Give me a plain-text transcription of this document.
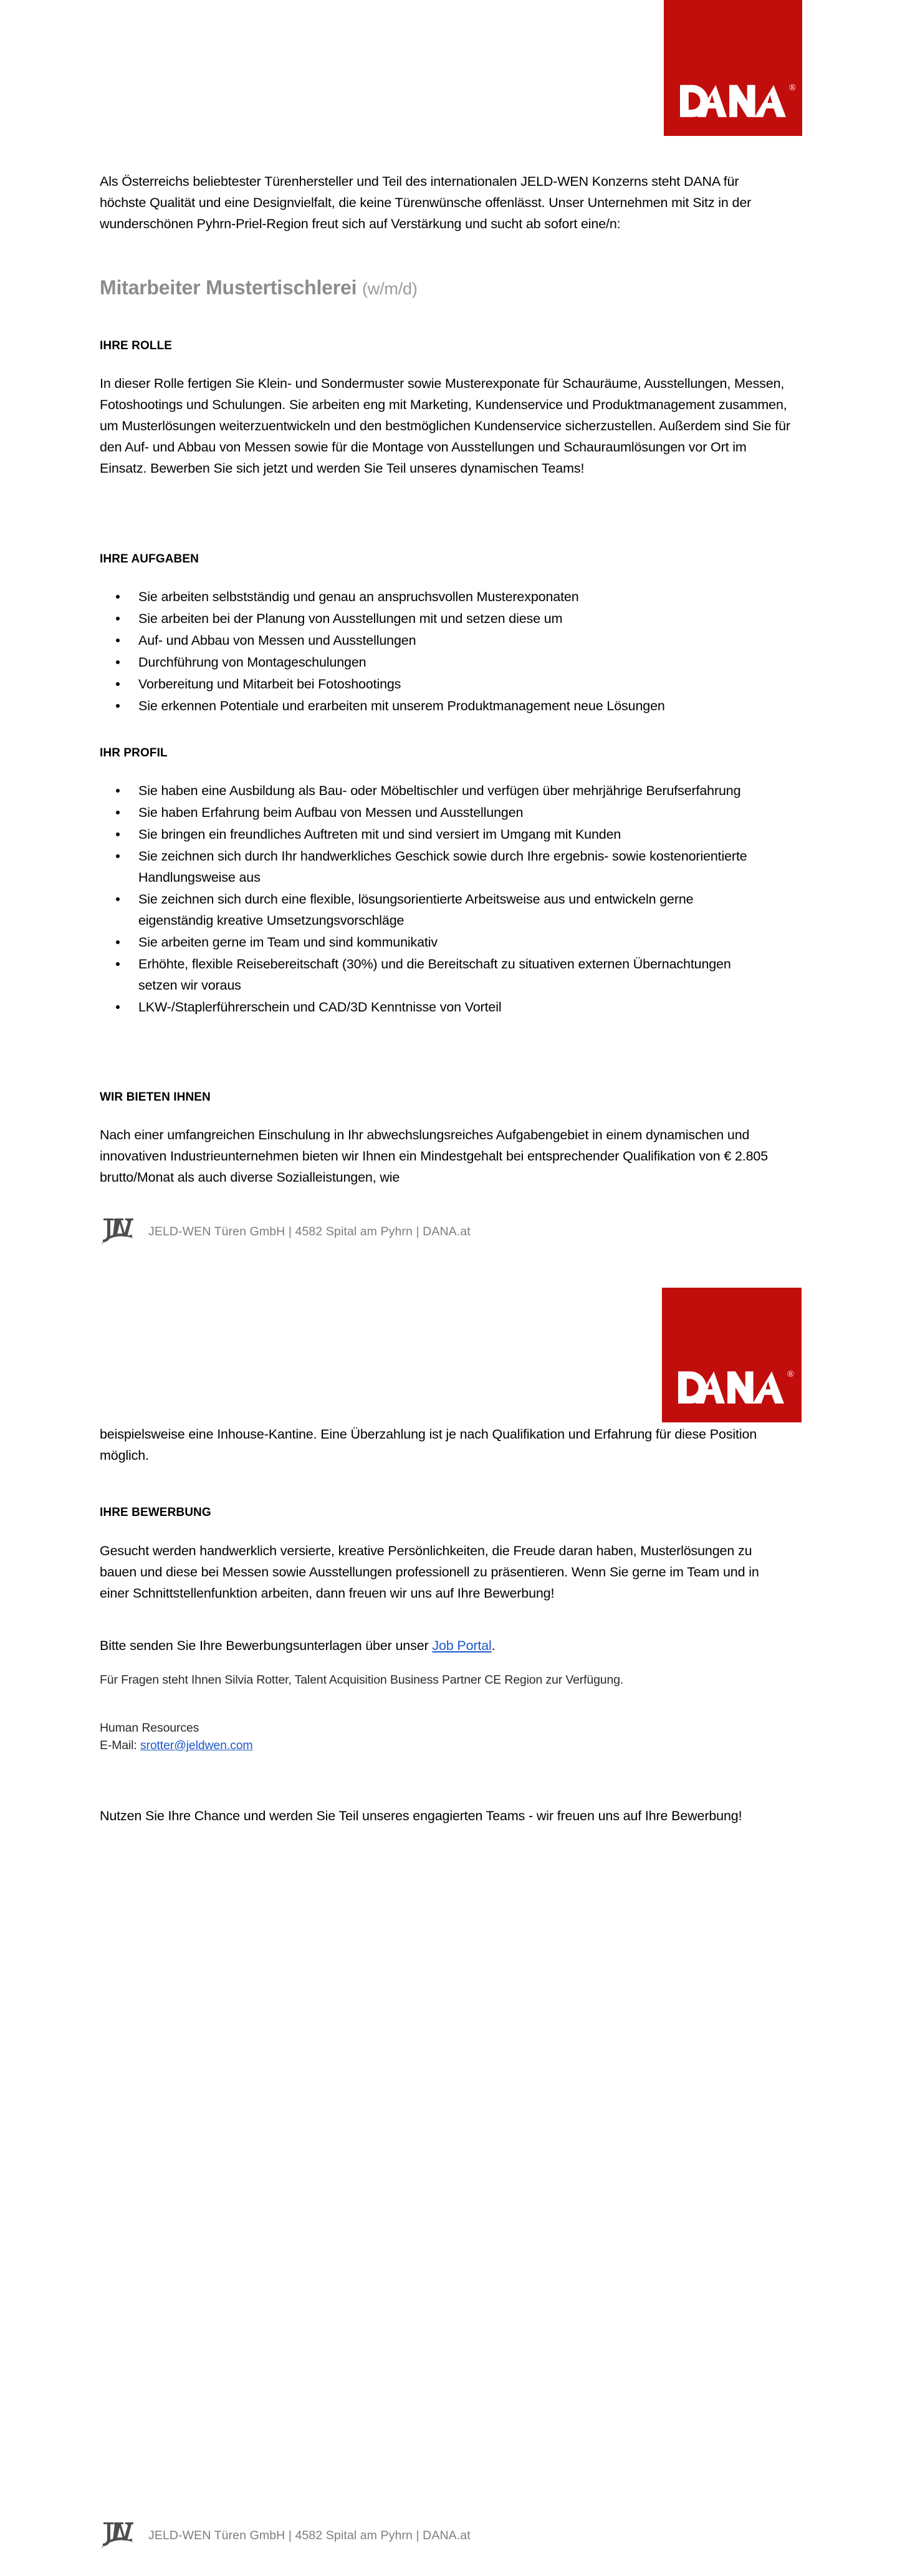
®

Als Österreichs beliebtester Türenhersteller und Teil des internationalen JELD-WEN Konzerns steht DANA für höchste Qualität und eine Designvielfalt, die keine Türenwünsche offenlässt. Unser Unternehmen mit Sitz in der wunderschönen Pyhrn-Priel-Region freut sich auf Verstärkung und sucht ab sofort eine/n:

Mitarbeiter Mustertischlerei (w/m/d)
IHRE ROLLE

In dieser Rolle fertigen Sie Klein- und Sondermuster sowie Musterexponate für Schauräume, Ausstellungen, Messen, Fotoshootings und Schulungen. Sie arbeiten eng mit Marketing, Kundenservice und Produktmanagement zusammen, um Musterlösungen weiterzuentwickeln und den bestmöglichen Kundenservice sicherzustellen. Außerdem sind Sie für den Auf- und Abbau von Messen sowie für die Montage von Ausstellungen und Schauraumlösungen vor Ort im Einsatz. Bewerben Sie sich jetzt und werden Sie Teil unseres dynamischen Teams!

IHRE AUFGABEN
Sie arbeiten selbstständig und genau an anspruchsvollen Musterexponaten
Sie arbeiten bei der Planung von Ausstellungen mit und setzen diese um
Auf- und Abbau von Messen und Ausstellungen
Durchführung von Montageschulungen
Vorbereitung und Mitarbeit bei Fotoshootings
Sie erkennen Potentiale und erarbeiten mit unserem Produktmanagement neue Lösungen
IHR PROFIL
Sie haben eine Ausbildung als Bau- oder Möbeltischler und verfügen über mehrjährige Berufserfahrung
Sie haben Erfahrung beim Aufbau von Messen und Ausstellungen
Sie bringen ein freundliches Auftreten mit und sind versiert im Umgang mit Kunden
Sie zeichnen sich durch Ihr handwerkliches Geschick sowie durch Ihre ergebnis- sowie kostenorientierte Handlungsweise aus
Sie zeichnen sich durch eine flexible, lösungsorientierte Arbeitsweise aus und entwickeln gerne eigenständig kreative Umsetzungsvorschläge
Sie arbeiten gerne im Team und sind kommunikativ
Erhöhte, flexible Reisebereitschaft (30%) und die Bereitschaft zu situativen externen Übernachtungen setzen wir voraus
LKW-/Staplerführerschein und CAD/3D Kenntnisse von Vorteil
WIR BIETEN IHNEN

Nach einer umfangreichen Einschulung in Ihr abwechslungsreiches Aufgabengebiet in einem dynamischen und innovativen Industrieunternehmen bieten wir Ihnen ein Mindestgehalt bei entsprechender Qualifikation von € 2.805 brutto/Monat als auch diverse Sozialleistungen, wie

JELD-WEN Türen GmbH | 4582 Spital am Pyhrn | DANA.at
®

beispielsweise eine Inhouse-Kantine. Eine Überzahlung ist je nach Qualifikation und Erfahrung für diese Position möglich.

IHRE BEWERBUNG

Gesucht werden handwerklich versierte, kreative Persönlichkeiten, die Freude daran haben, Musterlösungen zu bauen und diese bei Messen sowie Ausstellungen professionell zu präsentieren. Wenn Sie gerne im Team und in einer Schnittstellenfunktion arbeiten, dann freuen wir uns auf Ihre Bewerbung!

Bitte senden Sie Ihre Bewerbungsunterlagen über unser Job Portal.

Für Fragen steht Ihnen Silvia Rotter, Talent Acquisition Business Partner CE Region zur Verfügung.

Human Resources

E-Mail: srotter@jeldwen.com

Nutzen Sie Ihre Chance und werden Sie Teil unseres engagierten Teams - wir freuen uns auf Ihre Bewerbung!

JELD-WEN Türen GmbH | 4582 Spital am Pyhrn | DANA.at
